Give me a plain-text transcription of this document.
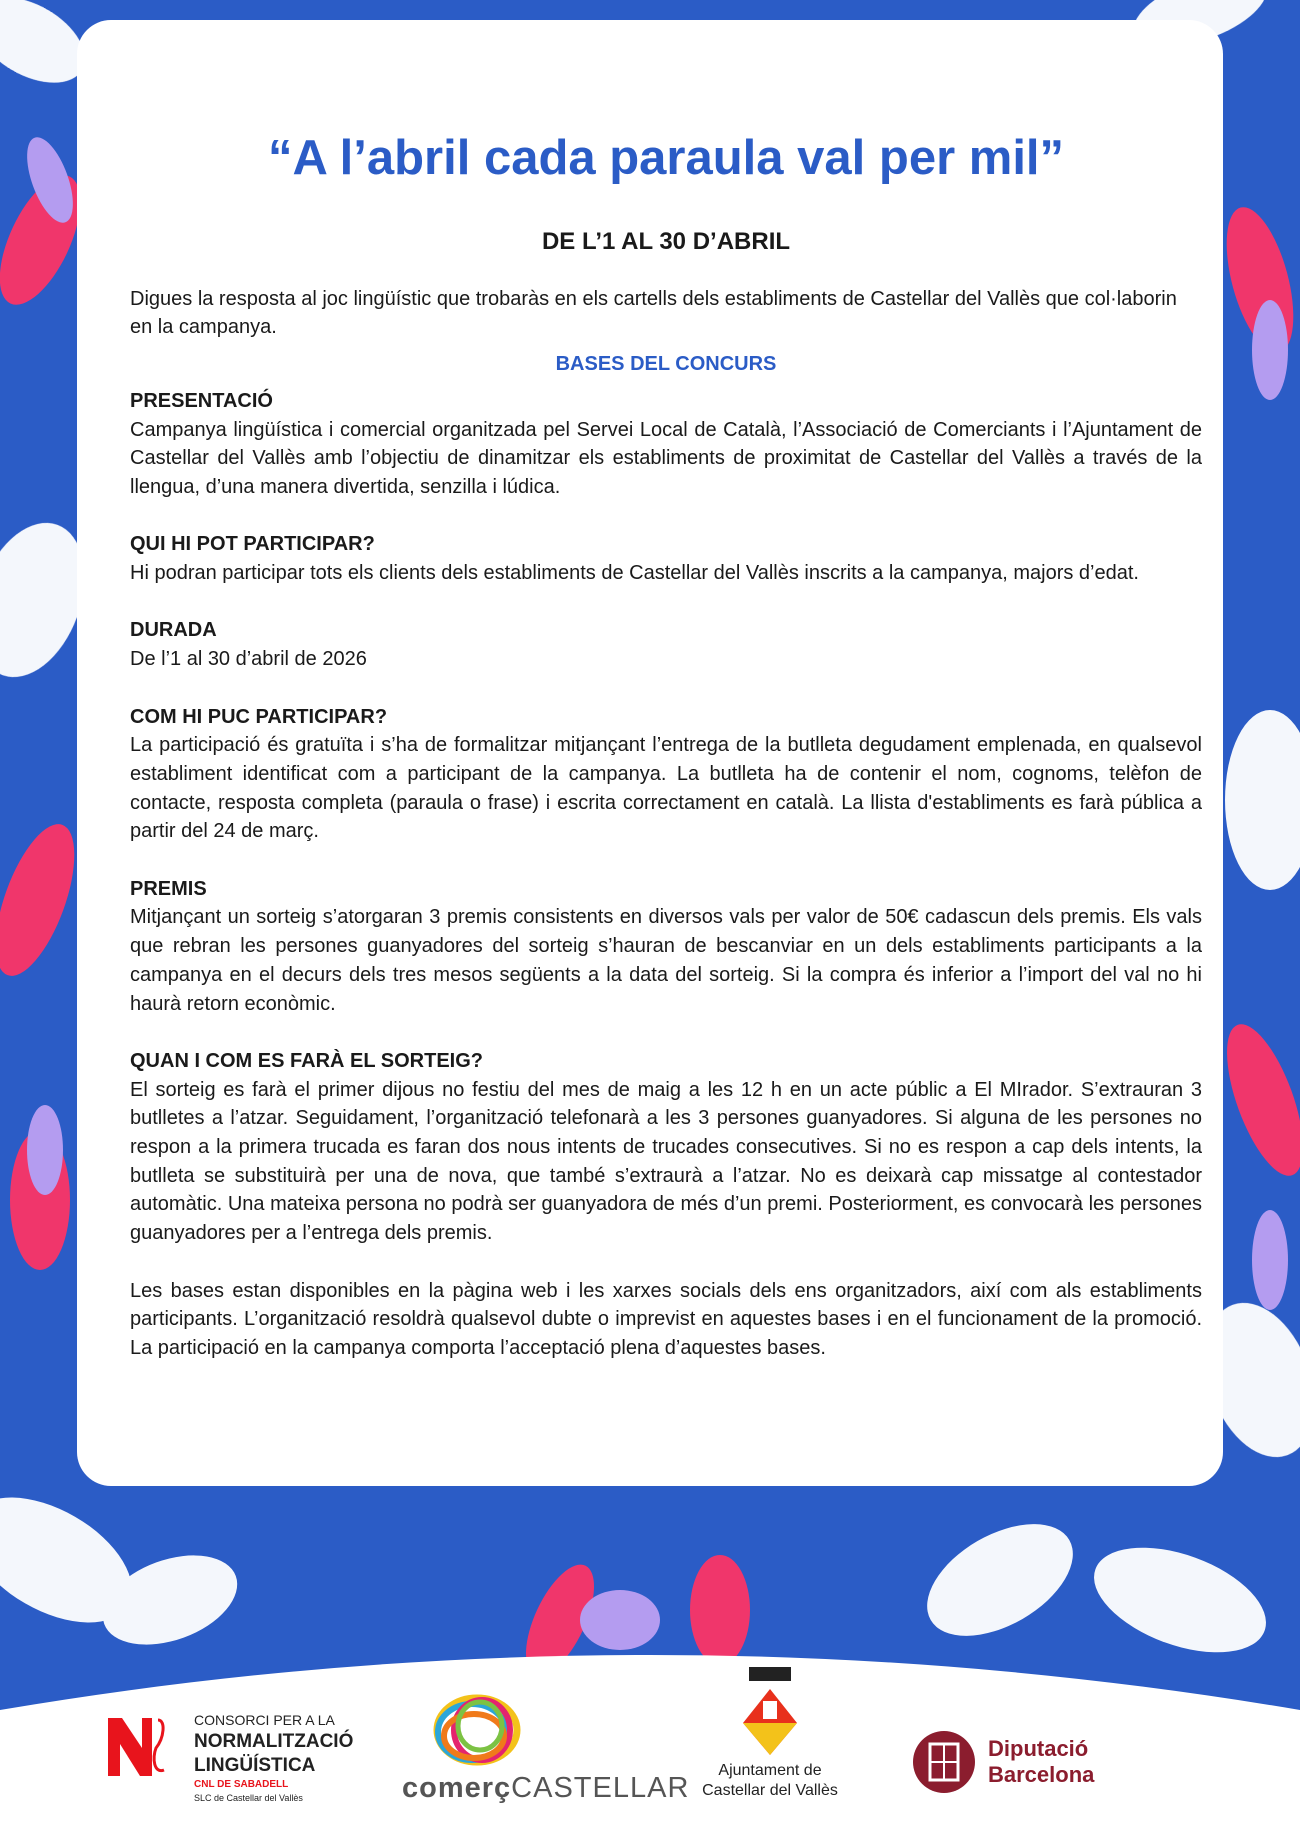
“A l’abril cada paraula val per mil”
DE L’1 AL 30 D’ABRIL

Digues la resposta al joc lingüístic que trobaràs en els cartells dels establiments de Castellar del Vallès que col·laborin en la campanya.

BASES DEL CONCURS
PRESENTACIÓ

Campanya lingüística i comercial organitzada pel Servei Local de Català, l’Associació de Comerciants i l’Ajuntament de Castellar del Vallès amb l’objectiu de dinamitzar els establiments de proximitat de Castellar del Vallès a través de la llengua, d’una manera divertida, senzilla i lúdica.

QUI HI POT PARTICIPAR?

Hi podran participar tots els clients dels establiments de Castellar del Vallès inscrits a la campanya, majors d’edat.

DURADA

De l’1 al 30 d’abril de 2026

COM HI PUC PARTICIPAR?

La participació és gratuïta i s’ha de formalitzar mitjançant l’entrega de la butlleta degudament emplenada, en qualsevol establiment identificat com a participant de la campanya. La butlleta ha de contenir el nom, cognoms, telèfon de contacte, resposta completa (paraula o frase) i escrita correctament en català. La llista d'establiments es farà pública a partir del 24 de març.

PREMIS

Mitjançant un sorteig s’atorgaran 3 premis consistents en diversos vals per valor de 50€ cadascun dels premis. Els vals que rebran les persones guanyadores del sorteig s’hauran de bescanviar en un dels establiments participants a la campanya en el decurs dels tres mesos següents a la data del sorteig. Si la compra és inferior a l’import del val no hi haurà retorn econòmic.

QUAN I COM ES FARÀ EL SORTEIG?

El sorteig es farà el primer dijous no festiu del mes de maig a les 12 h en un acte públic a El MIrador. S’extrauran 3 butlletes a l’atzar. Seguidament, l’organització telefonarà a les 3 persones guanyadores. Si alguna de les persones no respon a la primera trucada es faran dos nous intents de trucades consecutives. Si no es respon a cap dels intents, la butlleta se substituirà per una de nova, que també s’extraurà a l’atzar. No es deixarà cap missatge al contestador automàtic. Una mateixa persona no podrà ser guanyadora de més d’un premi. Posteriorment, es convocarà les persones guanyadores per a l’entrega dels premis.

Les bases estan disponibles en la pàgina web i les xarxes socials dels ens organitzadors, així com als establiments participants. L’organització resoldrà qualsevol dubte o imprevist en aquestes bases i en el funcionament de la promoció. La participació en la campanya comporta l’acceptació plena d’aquestes bases.

CONSORCI PER A LA
NORMALITZACIÓ
LINGÜÍSTICA
CNL DE SABADELL
SLC de Castellar del Vallès	comerçCASTELLAR
Ajuntament de
Castellar del Vallès
Diputació
Barcelona
